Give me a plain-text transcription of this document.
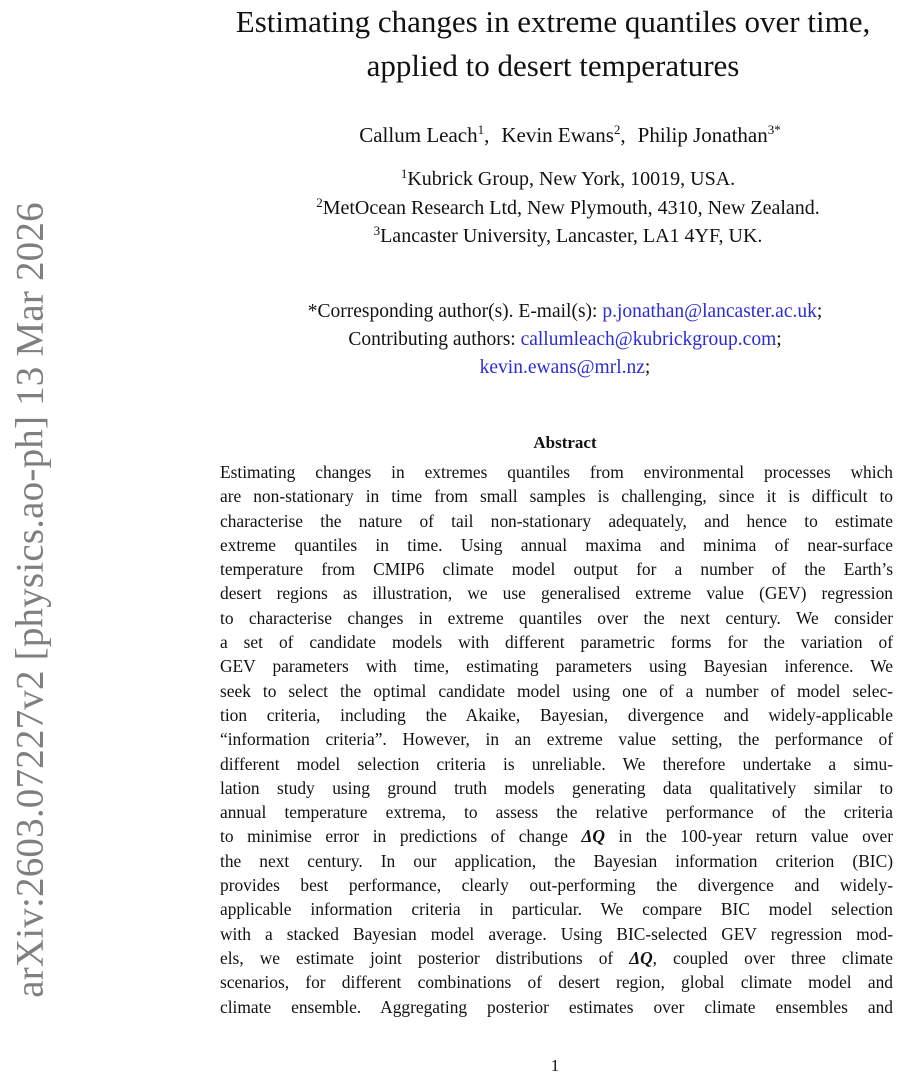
arXiv:2603.07227v2 [physics.ao-ph] 13 Mar 2026
Estimating changes in extreme quantiles over time,
applied to desert temperatures
Callum Leach$^1$, Kevin Ewans$^2$, Philip Jonathan$^{3*}$
$^1$Kubrick Group, New York, 10019, USA.
$^2$MetOcean Research Ltd, New Plymouth, 4310, New Zealand.
$^3$Lancaster University, Lancaster, LA1 4YF, UK.
*Corresponding author(s). E-mail(s): p.jonathan@lancaster.ac.uk;
Contributing authors: callumleach@kubrickgroup.com;
kevin.ewans@mrl.nz;
Abstract
Estimating changes in extremes quantiles from environmental processes which
are non-stationary in time from small samples is challenging, since it is difficult to
characterise the nature of tail non-stationary adequately, and hence to estimate
extreme quantiles in time. Using annual maxima and minima of near-surface
temperature from CMIP6 climate model output for a number of the Earth’s
desert regions as illustration, we use generalised extreme value (GEV) regression
to characterise changes in extreme quantiles over the next century. We consider
a set of candidate models with different parametric forms for the variation of
GEV parameters with time, estimating parameters using Bayesian inference. We
seek to select the optimal candidate model using one of a number of model selec-
tion criteria, including the Akaike, Bayesian, divergence and widely-applicable
“information criteria”. However, in an extreme value setting, the performance of
different model selection criteria is unreliable. We therefore undertake a simu-
lation study using ground truth models generating data qualitatively similar to
annual temperature extrema, to assess the relative performance of the criteria
to minimise error in predictions of change ΔQ in the 100-year return value over
the next century. In our application, the Bayesian information criterion (BIC)
provides best performance, clearly out-performing the divergence and widely-
applicable information criteria in particular. We compare BIC model selection
with a stacked Bayesian model average. Using BIC-selected GEV regression mod-
els, we estimate joint posterior distributions of ΔQ, coupled over three climate
scenarios, for different combinations of desert region, global climate model and
climate ensemble. Aggregating posterior estimates over climate ensembles and
1
